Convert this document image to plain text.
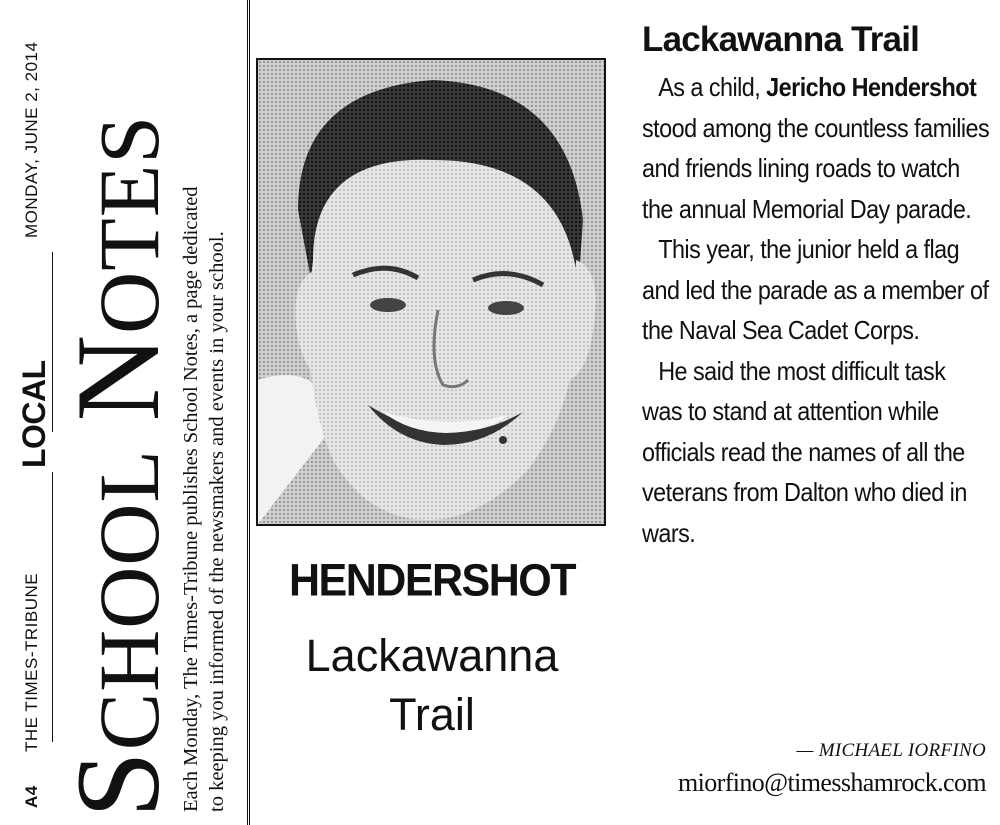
A4
THE TIMES-TRIBUNE
LOCAL
MONDAY, JUNE 2, 2014
SCHOOL NOTES Each Monday, The Times-Tribune publishes School Notes, a page dedicated to keeping you informed of the newsmakers and events in your school.	HENDERSHOT
Lackawanna
Trail
Lackawanna Trail

As a child, Jericho Hendershot stood among the countless families and friends lining roads to watch the annual Memorial Day parade.

This year, the junior held a flag and led the parade as a member of the Naval Sea Cadet Corps.

He said the most difficult task was to stand at attention while officials read the names of all the veterans from Dalton who died in wars.

— MICHAEL IORFINO
miorfino@timesshamrock.com
